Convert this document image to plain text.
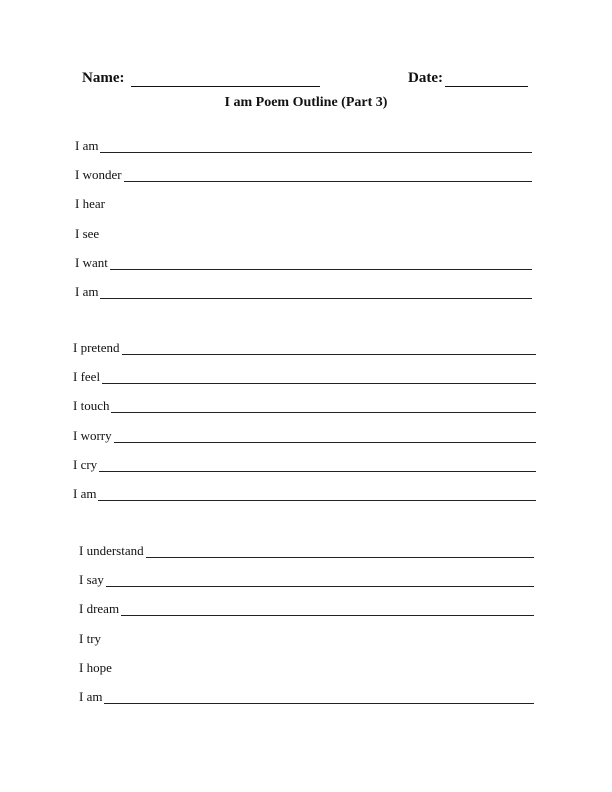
Name:	Date:
I am Poem Outline (Part 3)
I am
I wonder
I hear
I see
I want
I am
I pretend
I feel
I touch
I worry
I cry
I am
I understand
I say
I dream
I try
I hope
I am
